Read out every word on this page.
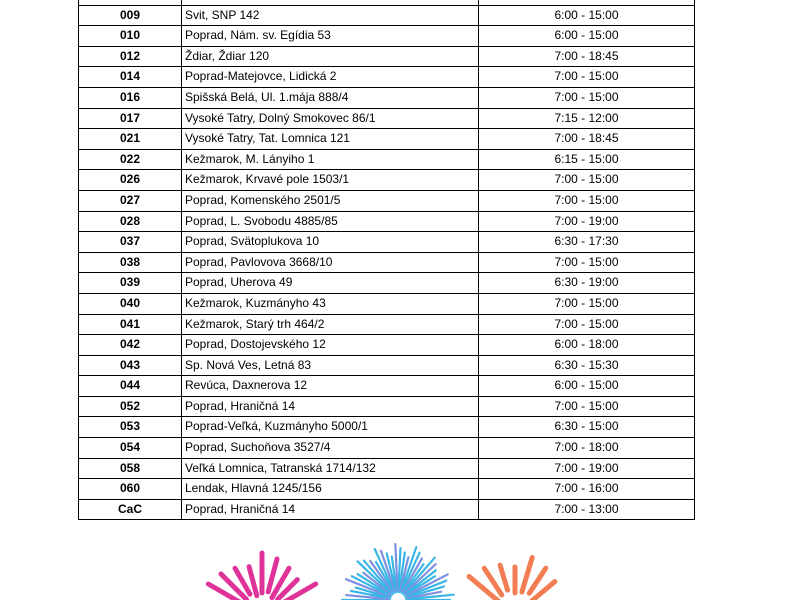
009	Svit, SNP 142	6:00 - 15:00
010	Poprad, Nám. sv. Egídia 53	6:00 - 15:00
012	Ždiar, Ždiar 120	7:00 - 18:45
014	Poprad-Matejovce, Lidická 2	7:00 - 15:00
016	Spišská Belá, Ul. 1.mája 888/4	7:00 - 15:00
017	Vysoké Tatry, Dolný Smokovec 86/1	7:15 - 12:00
021	Vysoké Tatry, Tat. Lomnica 121	7:00 - 18:45
022	Kežmarok, M. Lányiho 1	6:15 - 15:00
026	Kežmarok, Krvavé pole 1503/1	7:00 - 15:00
027	Poprad, Komenského 2501/5	7:00 - 15:00
028	Poprad, L. Svobodu 4885/85	7:00 - 19:00
037	Poprad, Svätoplukova 10	6:30 - 17:30
038	Poprad, Pavlovova 3668/10	7:00 - 15:00
039	Poprad, Uherova 49	6:30 - 19:00
040	Kežmarok, Kuzmányho 43	7:00 - 15:00
041	Kežmarok, Starý trh 464/2	7:00 - 15:00
042	Poprad, Dostojevského 12	6:00 - 18:00
043	Sp. Nová Ves, Letná 83	6:30 - 15:30
044	Revúca, Daxnerova 12	6:00 - 15:00
052	Poprad, Hraničná 14	7:00 - 15:00
053	Poprad-Veľká, Kuzmányho 5000/1	6:30 - 15:00
054	Poprad, Suchoňova 3527/4	7:00 - 18:00
058	Veľká Lomnica, Tatranská 1714/132	7:00 - 19:00
060	Lendak, Hlavná 1245/156	7:00 - 16:00
CaC	Poprad, Hraničná 14	7:00 - 13:00
